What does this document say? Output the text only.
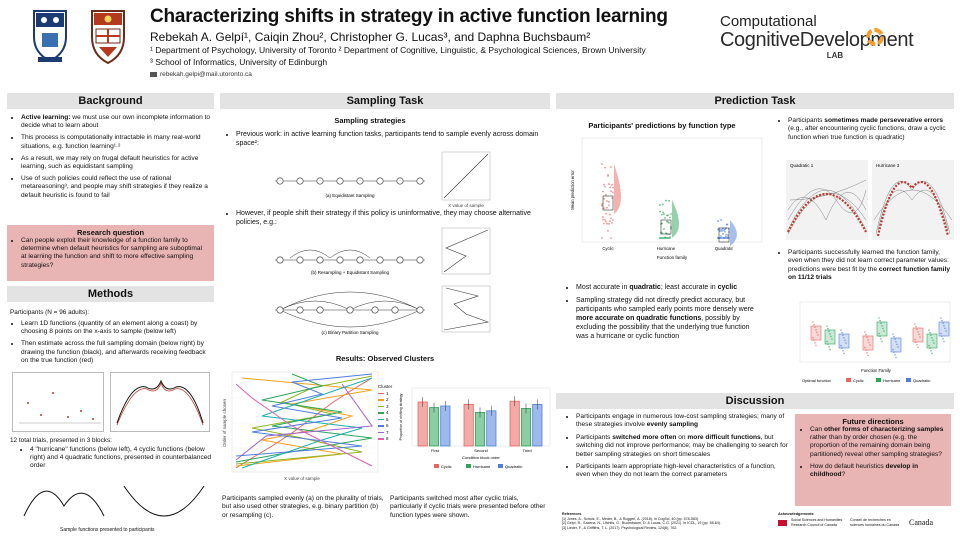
Characterizing shifts in strategy in active function learning
Rebekah A. Gelpí¹, Caiqin Zhou², Christopher G. Lucas³, and Daphna Buchsbaum²
¹ Department of Psychology, University of Toronto ² Department of Cognitive, Linguistic, & Psychological Sciences, Brown University
³ School of Informatics, University of Edinburgh
rebekah.gelpi@mail.utoronto.ca
Computational
CognitiveDevelopment
LAB
Background
• Active learning: we must use our own incomplete information to decide what to learn about
• This process is computationally intractable in many real-world situations, e.g. function learning¹·²
• As a result, we may rely on frugal default heuristics for active learning, such as equidistant sampling
• Use of such policies could reflect the use of rational metareasoning³, and people may shift strategies if they realize a default heuristic is found to fail
Research question
• Can people exploit their knowledge of a function family to determine when default heuristics for sampling are suboptimal at learning the function and shift to more effective sampling strategies?
Methods
Participants (N = 96 adults):
• Learn 1D functions (quantity of an element along a coast) by choosing 8 points on the x-axis to sample (below left)
• Then estimate across the full sampling domain (below right) by drawing the function (black), and afterwards receiving feedback on the true function (red)
12 total trials, presented in 3 blocks:
• 4 "hurricane" functions (below left), 4 cyclic functions (below right) and 4 quadratic functions, presented in counterbalanced order
Sample functions presented to participants
Sampling Task
Sampling strategies
• Previous work: in active learning function tasks, participants tend to sample evenly across domain space²:
(a) Equidistant Sampling
X value of sample
• However, if people shift their strategy if this policy is uninformative, they may choose alternative policies, e.g.:
(b) Resampling + Equidistant Sampling
(c) Binary Partition Sampling
Results: Observed Clusters
X value of sample
Order of sample chosen
Cluster
1
2
3
4
5
6
7
8
First	Second	Third
Condition block order
Proportion of shifting strategy
Cyclic	Hurricane	Quadratic
Participants sampled evenly (a) on the plurality of trials, but also used other strategies, e.g. binary partition (b) or resampling (c).
Participants switched most after cyclic trials, particularly if cyclic trials were presented before other function types were shown.
Prediction Task
Participants' predictions by function type
Cyclic	Hurricane	Quadratic
Function family
Mean prediction error
• Most accurate in quadratic; least accurate in cyclic
• Sampling strategy did not directly predict accuracy, but participants who sampled early points more densely were more accurate on quadratic functions, possibly by excluding the possibility that the underlying true function was a hurricane or cyclic function
• Participants sometimes made perseverative errors (e.g., after encountering cyclic functions, draw a cyclic function when true function is quadratic)
Quadratic 1	Hurricane 3
• Participants successfully learned the function family, even when they did not learn correct parameter values: predictions were best fit by the correct function family on 11/12 trials
Function Family
Optimal function	Cyclic	Hurricane	Quadratic
Discussion
• Participants engage in numerous low-cost sampling strategies; many of these strategies involve evenly sampling
• Participants switched more often on more difficult functions, but switching did not improve performance; may be challenging to search for better sampling strategies on short timescales
• Participants learn appropriate high-level characteristics of a function, even when they do not learn the correct parameters
Future directions
• Can other forms of characterizing samples rather than by order chosen (e.g. the proportion of the remaining domain being partitioned) reveal other sampling strategies?
• How do default heuristics develop in childhood?
References
[1] Jones, A., Schulz, E., Meder, B., & Ruggeri, A. (2018). In CogSci, 40 (pp. 578-583).
[2] Gelpí, R., Saxena, N., Lifchits, G., Buchsbaum, D. & Lucas, C.G. (2021). In ICDL, 19 (pp. 58-64).
[3] Lieder, F., & Griffiths, T. L. (2017). Psychological Review, 124(6), 762.
Acknowledgements
Social Sciences and Humanities Research Council of Canada
Conseil de recherches en sciences humaines du Canada	Canada
